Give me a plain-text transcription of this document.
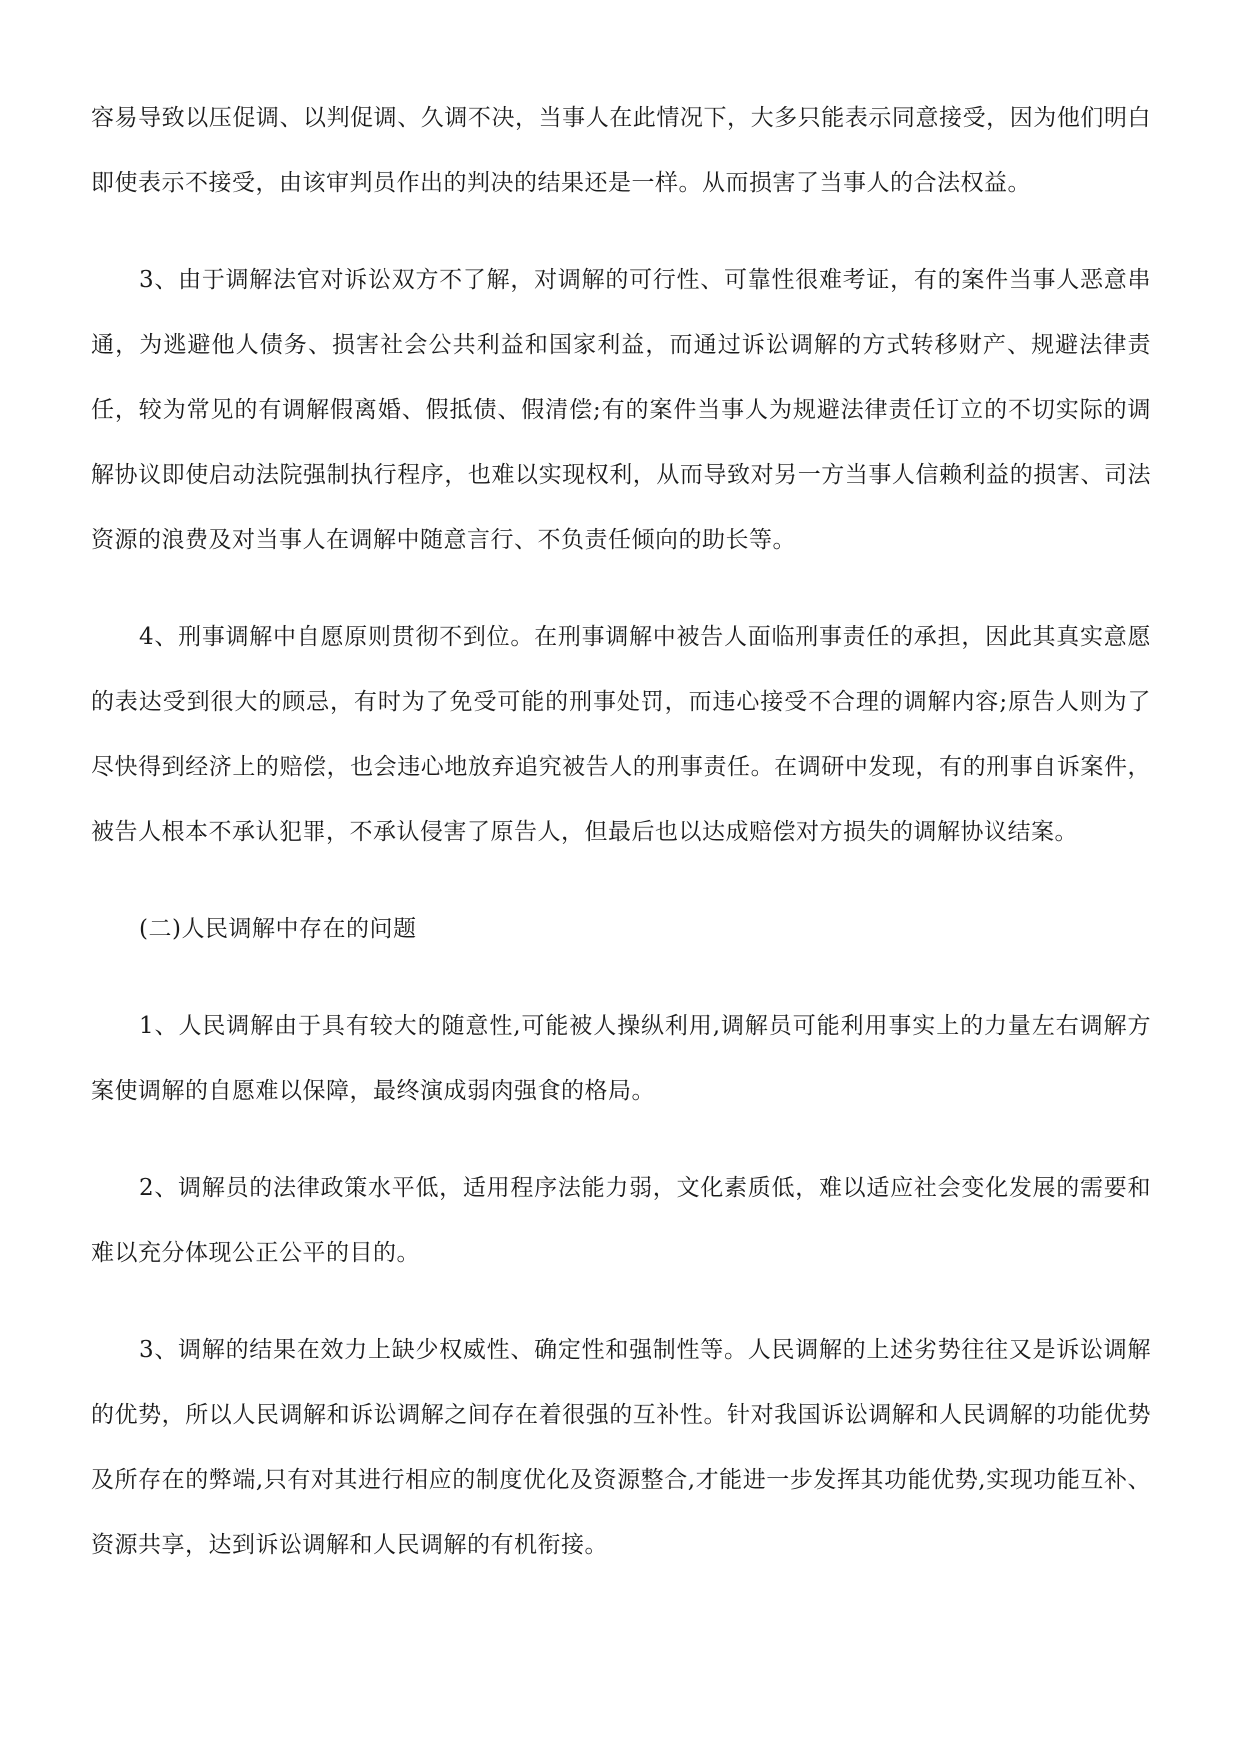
容易导致以压促调、以判促调、久调不决，当事人在此情况下，大多只能表示同意接受，因为他们明白即使表示不接受，由该审判员作出的判决的结果还是一样。从而损害了当事人的合法权益。

3、由于调解法官对诉讼双方不了解，对调解的可行性、可靠性很难考证，有的案件当事人恶意串通，为逃避他人债务、损害社会公共利益和国家利益，而通过诉讼调解的方式转移财产、规避法律责任，较为常见的有调解假离婚、假抵债、假清偿;有的案件当事人为规避法律责任订立的不切实际的调解协议即使启动法院强制执行程序，也难以实现权利，从而导致对另一方当事人信赖利益的损害、司法资源的浪费及对当事人在调解中随意言行、不负责任倾向的助长等。

4、刑事调解中自愿原则贯彻不到位。在刑事调解中被告人面临刑事责任的承担，因此其真实意愿的表达受到很大的顾忌，有时为了免受可能的刑事处罚，而违心接受不合理的调解内容;原告人则为了尽快得到经济上的赔偿，也会违心地放弃追究被告人的刑事责任。在调研中发现，有的刑事自诉案件，被告人根本不承认犯罪，不承认侵害了原告人，但最后也以达成赔偿对方损失的调解协议结案。

(二)人民调解中存在的问题

1、人民调解由于具有较大的随意性,可能被人操纵利用,调解员可能利用事实上的力量左右调解方案使调解的自愿难以保障，最终演成弱肉强食的格局。

2、调解员的法律政策水平低，适用程序法能力弱，文化素质低，难以适应社会变化发展的需要和难以充分体现公正公平的目的。

3、调解的结果在效力上缺少权威性、确定性和强制性等。人民调解的上述劣势往往又是诉讼调解的优势，所以人民调解和诉讼调解之间存在着很强的互补性。针对我国诉讼调解和人民调解的功能优势及所存在的弊端,只有对其进行相应的制度优化及资源整合,才能进一步发挥其功能优势,实现功能互补、资源共享，达到诉讼调解和人民调解的有机衔接。
